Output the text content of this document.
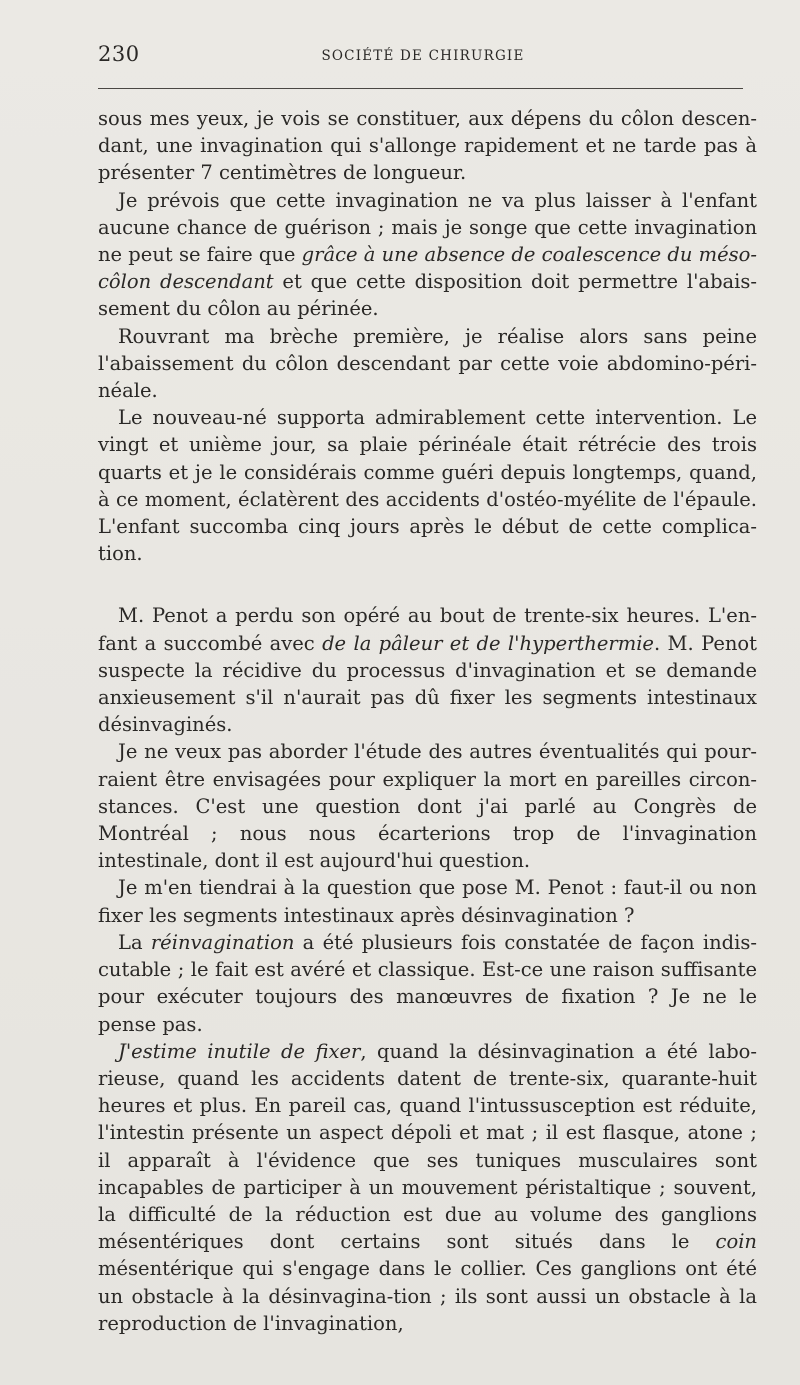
230	SOCIÉTÉ DE CHIRURGIE

sous mes yeux, je vois se constituer, aux dépens du côlon descen-dant, une invagination qui s'allonge rapidement et ne tarde pas à présenter 7 centimètres de longueur.

Je prévois que cette invagination ne va plus laisser à l'enfant aucune chance de guérison ; mais je songe que cette invagination ne peut se faire que grâce à une absence de coalescence du méso-côlon descendant et que cette disposition doit permettre l'abais-sement du côlon au périnée.

Rouvrant ma brèche première, je réalise alors sans peine l'abaissement du côlon descendant par cette voie abdomino-péri-néale.

Le nouveau-né supporta admirablement cette intervention. Le vingt et unième jour, sa plaie périnéale était rétrécie des trois quarts et je le considérais comme guéri depuis longtemps, quand, à ce moment, éclatèrent des accidents d'ostéo-myélite de l'épaule. L'enfant succomba cinq jours après le début de cette complica-tion.

M. Penot a perdu son opéré au bout de trente-six heures. L'en-fant a succombé avec de la pâleur et de l'hyperthermie. M. Penot suspecte la récidive du processus d'invagination et se demande anxieusement s'il n'aurait pas dû fixer les segments intestinaux désinvaginés.

Je ne veux pas aborder l'étude des autres éventualités qui pour-raient être envisagées pour expliquer la mort en pareilles circon-stances. C'est une question dont j'ai parlé au Congrès de Montréal ; nous nous écarterions trop de l'invagination intestinale, dont il est aujourd'hui question.

Je m'en tiendrai à la question que pose M. Penot : faut-il ou non fixer les segments intestinaux après désinvagination ?

La réinvagination a été plusieurs fois constatée de façon indis-cutable ; le fait est avéré et classique. Est-ce une raison suffisante pour exécuter toujours des manœuvres de fixation ? Je ne le pense pas.

J'estime inutile de fixer, quand la désinvagination a été labo-rieuse, quand les accidents datent de trente-six, quarante-huit heures et plus. En pareil cas, quand l'intussusception est réduite, l'intestin présente un aspect dépoli et mat ; il est flasque, atone ; il apparaît à l'évidence que ses tuniques musculaires sont incapables de participer à un mouvement péristaltique ; souvent, la difficulté de la réduction est due au volume des ganglions mésentériques dont certains sont situés dans le coin mésentérique qui s'engage dans le collier. Ces ganglions ont été un obstacle à la désinvagina-tion ; ils sont aussi un obstacle à la reproduction de l'invagination,
